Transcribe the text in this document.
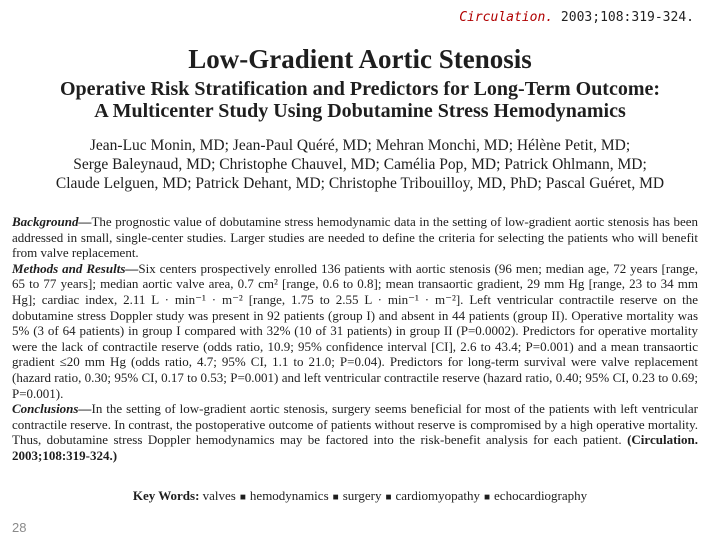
Circulation. 2003;108:319-324.
Low-Gradient Aortic Stenosis
Operative Risk Stratification and Predictors for Long-Term Outcome:
A Multicenter Study Using Dobutamine Stress Hemodynamics
Jean-Luc Monin, MD; Jean-Paul Quéré, MD; Mehran Monchi, MD; Hélène Petit, MD;
Serge Baleynaud, MD; Christophe Chauvel, MD; Camélia Pop, MD; Patrick Ohlmann, MD;
Claude Lelguen, MD; Patrick Dehant, MD; Christophe Tribouilloy, MD, PhD; Pascal Guéret, MD

Background—The prognostic value of dobutamine stress hemodynamic data in the setting of low-gradient aortic stenosis has been addressed in small, single-center studies. Larger studies are needed to define the criteria for selecting the patients who will benefit from valve replacement.

Methods and Results—Six centers prospectively enrolled 136 patients with aortic stenosis (96 men; median age, 72 years [range, 65 to 77 years]; median aortic valve area, 0.7 cm² [range, 0.6 to 0.8]; mean transaortic gradient, 29 mm Hg [range, 23 to 34 mm Hg]; cardiac index, 2.11 L · min⁻¹ · m⁻² [range, 1.75 to 2.55 L · min⁻¹ · m⁻²]. Left ventricular contractile reserve on the dobutamine stress Doppler study was present in 92 patients (group I) and absent in 44 patients (group II). Operative mortality was 5% (3 of 64 patients) in group I compared with 32% (10 of 31 patients) in group II (P=0.0002). Predictors for operative mortality were the lack of contractile reserve (odds ratio, 10.9; 95% confidence interval [CI], 2.6 to 43.4; P=0.001) and a mean transaortic gradient ≤20 mm Hg (odds ratio, 4.7; 95% CI, 1.1 to 21.0; P=0.04). Predictors for long-term survival were valve replacement (hazard ratio, 0.30; 95% CI, 0.17 to 0.53; P=0.001) and left ventricular contractile reserve (hazard ratio, 0.40; 95% CI, 0.23 to 0.69; P=0.001).

Conclusions—In the setting of low-gradient aortic stenosis, surgery seems beneficial for most of the patients with left ventricular contractile reserve. In contrast, the postoperative outcome of patients without reserve is compromised by a high operative mortality. Thus, dobutamine stress Doppler hemodynamics may be factored into the risk-benefit analysis for each patient. (Circulation. 2003;108:319-324.)

Key Words: valves ■ hemodynamics ■ surgery ■ cardiomyopathy ■ echocardiography
28
